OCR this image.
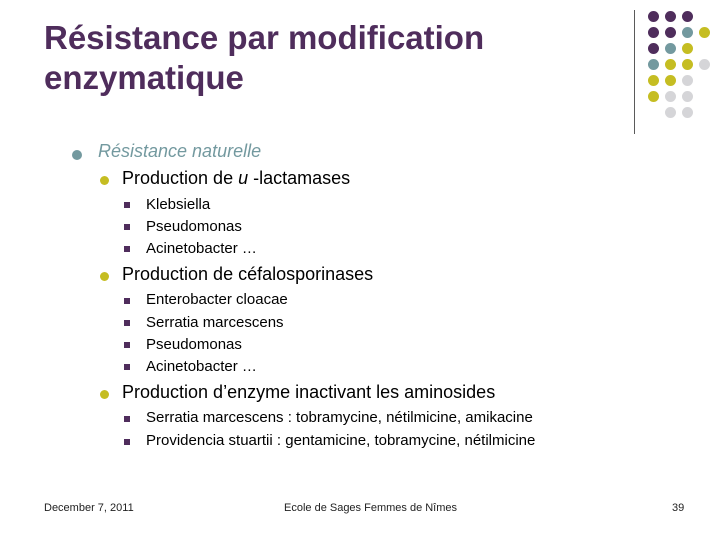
Résistance par modification
enzymatique
Résistance naturelle
Production de u -lactamases
Klebsiella
Pseudomonas
Acinetobacter …
Production de céfalosporinases
Enterobacter cloacae
Serratia marcescens
Pseudomonas
Acinetobacter …
Production d’enzyme inactivant les aminosides
Serratia marcescens : tobramycine, nétilmicine, amikacine
Providencia stuartii : gentamicine, tobramycine, nétilmicine
December 7, 2011	Ecole de Sages Femmes de Nîmes	39
